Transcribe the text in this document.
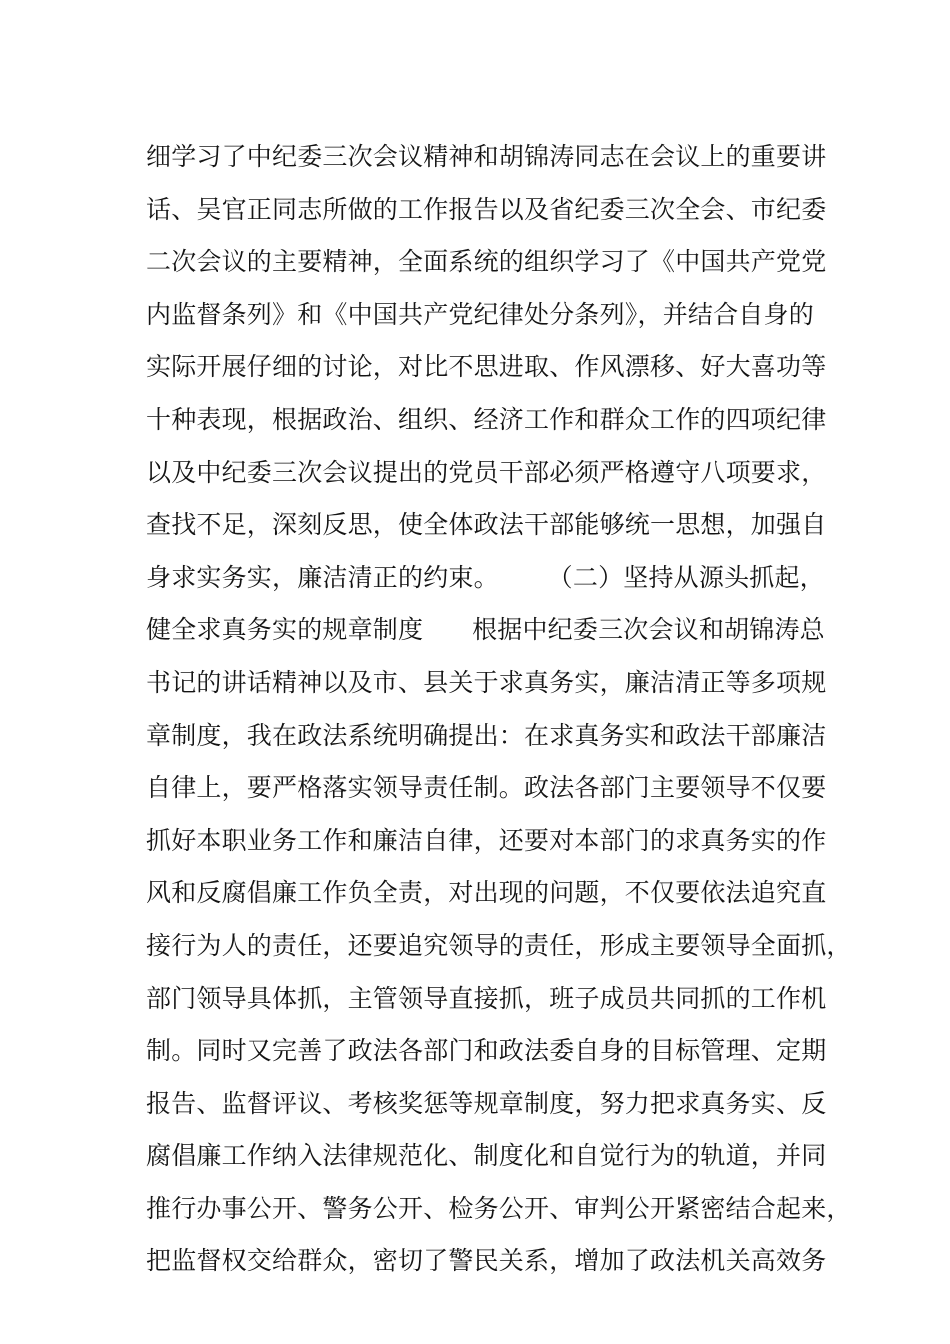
细学习了中纪委三次会议精神和胡锦涛同志在会议上的重要讲
话、吴官正同志所做的工作报告以及省纪委三次全会、市纪委
二次会议的主要精神，全面系统的组织学习了《中国共产党党
内监督条列》和《中国共产党纪律处分条列》，并结合自身的
实际开展仔细的讨论，对比不思进取、作风漂移、好大喜功等
十种表现，根据政治、组织、经济工作和群众工作的四项纪律
以及中纪委三次会议提出的党员干部必须严格遵守八项要求，
查找不足，深刻反思，使全体政法干部能够统一思想，加强自
身求实务实，廉洁清正的约束。      （二）坚持从源头抓起，
健全求真务实的规章制度      根据中纪委三次会议和胡锦涛总
书记的讲话精神以及市、县关于求真务实，廉洁清正等多项规
章制度，我在政法系统明确提出：在求真务实和政法干部廉洁
自律上，要严格落实领导责任制。政法各部门主要领导不仅要
抓好本职业务工作和廉洁自律，还要对本部门的求真务实的作
风和反腐倡廉工作负全责，对出现的问题，不仅要依法追究直
接行为人的责任，还要追究领导的责任，形成主要领导全面抓，
部门领导具体抓，主管领导直接抓，班子成员共同抓的工作机
制。同时又完善了政法各部门和政法委自身的目标管理、定期
报告、监督评议、考核奖惩等规章制度，努力把求真务实、反
腐倡廉工作纳入法律规范化、制度化和自觉行为的轨道，并同
推行办事公开、警务公开、检务公开、审判公开紧密结合起来，
把监督权交给群众，密切了警民关系，增加了政法机关高效务
